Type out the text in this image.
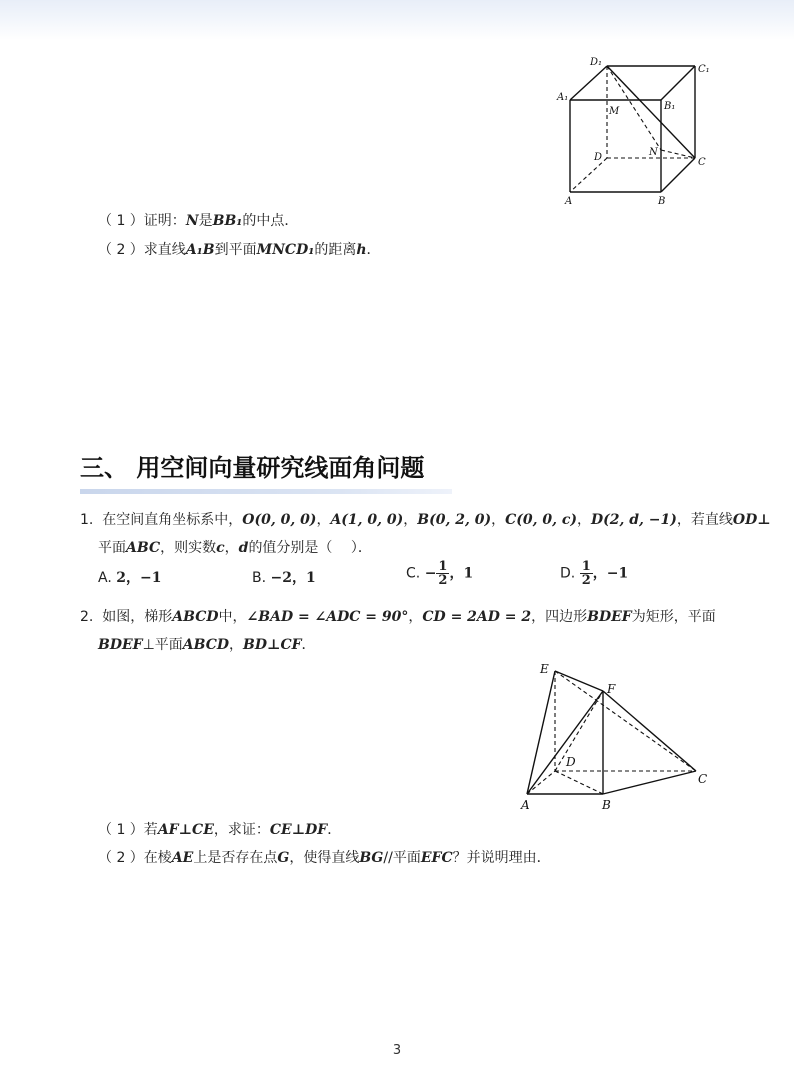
D₁
C₁
A₁
B₁
M
N
D	C
A	B
（ 1 ）证明：N是BB₁的中点．
（ 2 ）求直线A₁B到平面MNCD₁的距离h．
三、 用空间向量研究线面角问题
1. 在空间直角坐标系中，O(0, 0, 0)，A(1, 0, 0)，B(0, 2, 0)，C(0, 0, c)，D(2, d, −1)，若直线OD⊥
平面ABC，则实数c，d的值分别是（　 ）．
A. 2，−1	B. −2，1	C. − $\frac{1}{2}$ ，1	D. $\frac{1}{2}$ ，−1
2. 如图，梯形ABCD中，∠BAD = ∠ADC = 90°，CD = 2AD = 2，四边形BDEF为矩形，平面
BDEF⊥平面ABCD，BD⊥CF．
E
F
D
C
A	B
（ 1 ）若AF⊥CE，求证：CE⊥DF．
（ 2 ）在棱AE上是否存在点G，使得直线BG//平面EFC？并说明理由．
3
